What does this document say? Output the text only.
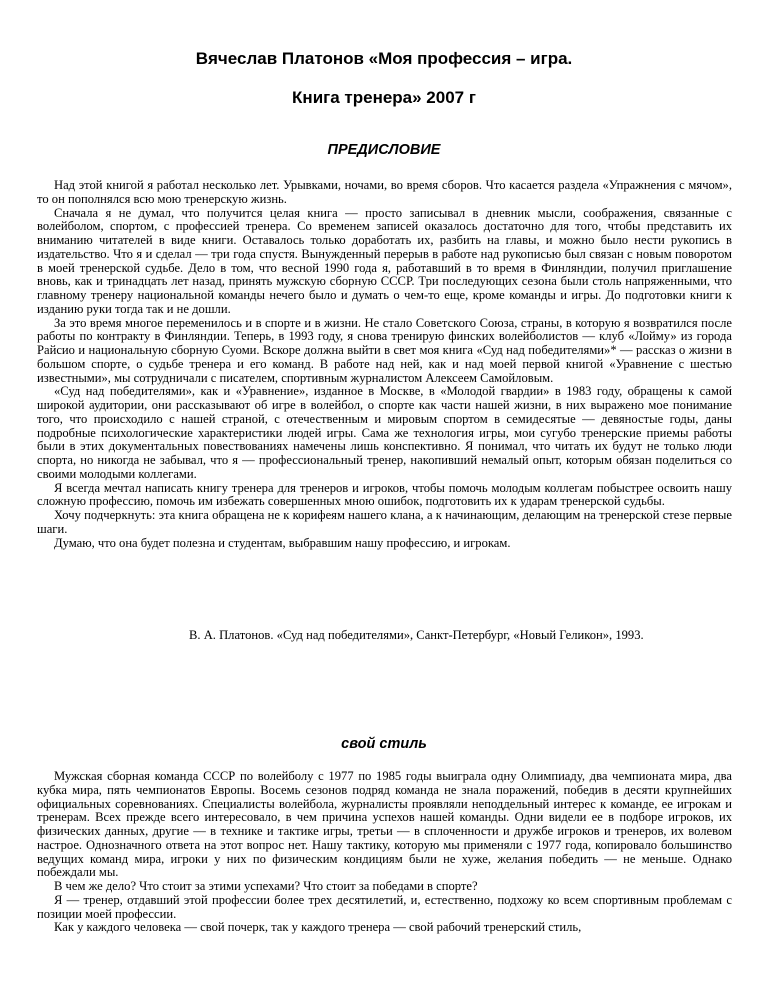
Вячеслав Платонов «Моя профессия – игра.
Книга тренера» 2007 г
ПРЕДИСЛОВИЕ

Над этой книгой я работал несколько лет. Урывками, ночами, во время сборов. Что касается раздела «Упражнения с мячом», то он пополнялся всю мою тренерскую жизнь.

Сначала я не думал, что получится целая книга — просто записывал в дневник мысли, соображения, связанные с волейболом, спортом, с профессией тренера. Со временем записей оказалось достаточно для того, чтобы представить их вниманию читателей в виде книги. Оставалось только доработать их, разбить на главы, и можно было нести рукопись в издательство. Что я и сделал — три года спустя. Вынужденный перерыв в работе над рукописью был связан с новым поворотом в моей тренерской судьбе. Дело в том, что весной 1990 года я, работавший в то время в Финляндии, получил приглашение вновь, как и тринадцать лет назад, принять мужскую сборную СССР. Три последующих сезона были столь напряженными, что главному тренеру национальной команды нечего было и думать о чем-то еще, кроме команды и игры. До подготовки книги к изданию руки тогда так и не дошли.

За это время многое переменилось и в спорте и в жизни. Не стало Советского Союза, страны, в которую я возвратился после работы по контракту в Финляндии. Теперь, в 1993 году, я снова тренирую финских волейболистов — клуб «Лойму» из города Райсио и национальную сборную Суоми. Вскоре должна выйти в свет моя книга «Суд над победителями»* — рассказ о жизни в большом спорте, о судьбе тренера и его команд. В работе над ней, как и над моей первой книгой «Уравнение с шестью известными», мы сотрудничали с писателем, спортивным журналистом Алексеем Самойловым.

«Суд над победителями», как и «Уравнение», изданное в Москве, в «Молодой гвардии» в 1983 году, обращены к самой широкой аудитории, они рассказывают об игре в волейбол, о спорте как части нашей жизни, в них выражено мое понимание того, что происходило с нашей страной, с отечественным и мировым спортом в семидесятые — девяностые годы, даны подробные психологические характеристики людей игры. Сама же технология игры, мои сугубо тренерские приемы работы были в этих документальных повествованиях намечены лишь конспективно. Я понимал, что читать их будут не только люди спорта, но никогда не забывал, что я — профессиональный тренер, накопивший немалый опыт, которым обязан поделиться со своими молодыми коллегами.

Я всегда мечтал написать книгу тренера для тренеров и игроков, чтобы помочь молодым коллегам побыстрее освоить нашу сложную профессию, помочь им избежать совершенных мною ошибок, подготовить их к ударам тренерской судьбы.

Хочу подчеркнуть: эта книга обращена не к корифеям нашего клана, а к начинающим, делающим на тренерской стезе первые шаги.

Думаю, что она будет полезна и студентам, выбравшим нашу профессию, и игрокам.

В. А. Платонов. «Суд над победителями», Санкт-Петербург, «Новый Геликон», 1993.

свой стиль

Мужская сборная команда СССР по волейболу с 1977 по 1985 годы выиграла одну Олимпиаду, два чемпионата мира, два кубка мира, пять чемпионатов Европы. Восемь сезонов подряд команда не знала поражений, победив в десяти крупнейших официальных соревнованиях. Специалисты волейбола, журналисты проявляли неподдельный интерес к команде, ее игрокам и тренерам. Всех прежде всего интересовало, в чем причина успехов нашей команды. Одни видели ее в подборе игроков, их физических данных, другие — в технике и тактике игры, третьи — в сплоченности и дружбе игроков и тренеров, их волевом настрое. Однозначного ответа на этот вопрос нет. Нашу тактику, которую мы применяли с 1977 года, копировало большинство ведущих команд мира, игроки у них по физическим кондициям были не хуже, желания победить — не меньше. Однако побеждали мы.

В чем же дело? Что стоит за этими успехами? Что стоит за победами в спорте?

Я — тренер, отдавший этой профессии более трех десятилетий, и, естественно, подхожу ко всем спортивным проблемам с позиции моей профессии.

Как у каждого человека — свой почерк, так у каждого тренера — свой рабочий тренерский стиль,
